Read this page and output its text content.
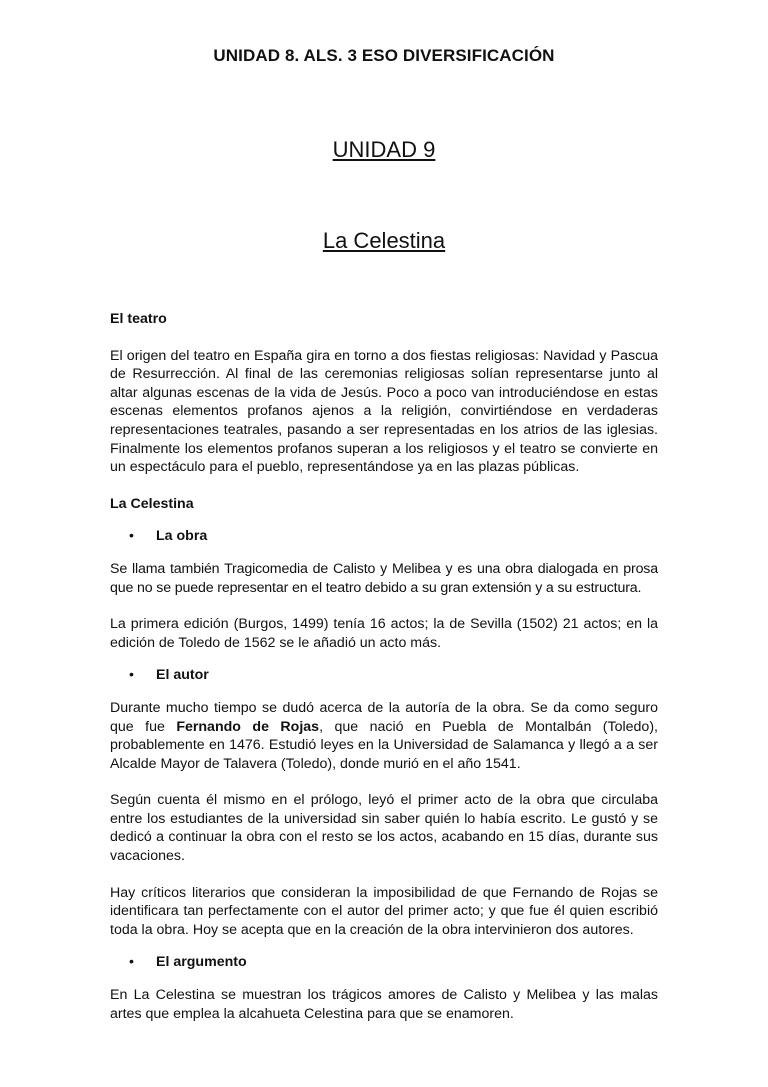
UNIDAD 8. ALS. 3 ESO DIVERSIFICACIÓN
UNIDAD 9
La Celestina

El teatro

El origen del teatro en España gira en torno a dos fiestas religiosas: Navidad y Pascua de Resurrección. Al final de las ceremonias religiosas solían representarse junto al altar algunas escenas de la vida de Jesús. Poco a poco van introduciéndose en estas escenas elementos profanos ajenos a la religión, convirtiéndose en verdaderas representaciones teatrales, pasando a ser representadas en los atrios de las iglesias. Finalmente los elementos profanos superan a los religiosos y el teatro se convierte en un espectáculo para el pueblo, representándose ya en las plazas públicas.

La Celestina

• La obra

Se llama también Tragicomedia de Calisto y Melibea y es una obra dialogada en prosa que no se puede representar en el teatro debido a su gran extensión y a su estructura.

La primera edición (Burgos, 1499) tenía 16 actos; la de Sevilla (1502) 21 actos; en la edición de Toledo de 1562 se le añadió un acto más.

• El autor

Durante mucho tiempo se dudó acerca de la autoría de la obra. Se da como seguro que fue Fernando de Rojas, que nació en Puebla de Montalbán (Toledo), probablemente en 1476. Estudió leyes en la Universidad de Salamanca y llegó a a ser Alcalde Mayor de Talavera (Toledo), donde murió en el año 1541.

Según cuenta él mismo en el prólogo, leyó el primer acto de la obra que circulaba entre los estudiantes de la universidad sin saber quién lo había escrito. Le gustó y se dedicó a continuar la obra con el resto se los actos, acabando en 15 días, durante sus vacaciones.

Hay críticos literarios que consideran la imposibilidad de que Fernando de Rojas se identificara tan perfectamente con el autor del primer acto; y que fue él quien escribió toda la obra. Hoy se acepta que en la creación de la obra intervinieron dos autores.

• El argumento

En La Celestina se muestran los trágicos amores de Calisto y Melibea y las malas artes que emplea la alcahueta Celestina para que se enamoren.
